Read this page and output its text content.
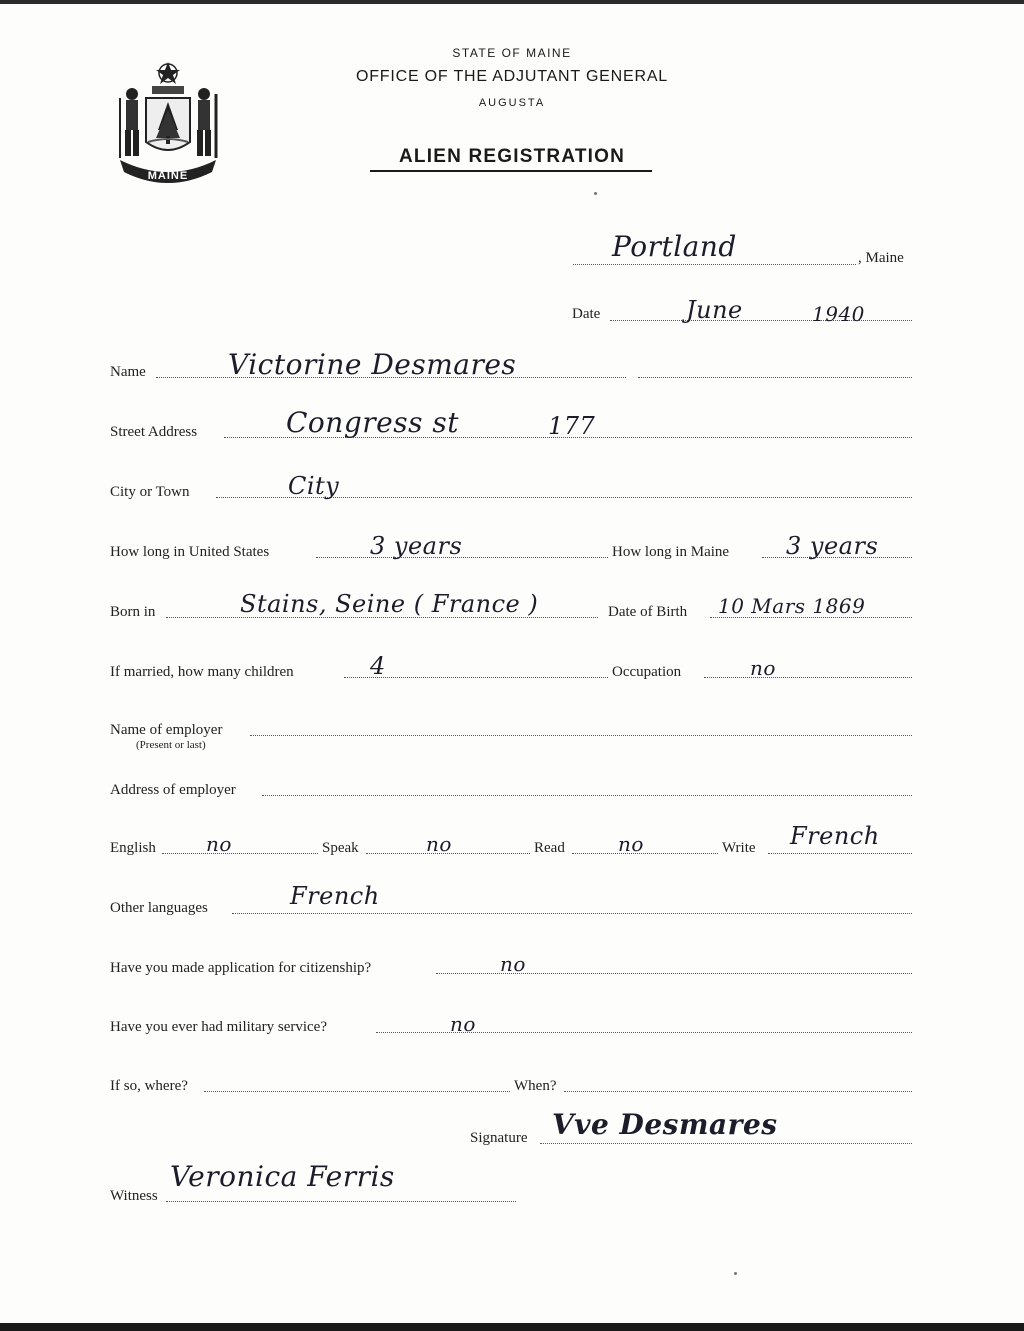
MAINE
STATE OF MAINE
OFFICE OF THE ADJUTANT GENERAL
AUGUSTA
ALIEN REGISTRATION
Portland	, Maine
Date	June	1940
Name	Victorine Desmares
Street Address	Congress st	177
City or Town	City
How long in United States	3 years	How long in Maine 3 years
Born in	Stains, Seine ( France )	Date of Birth 10 Mars 1869
If married, how many children	4	Occupation	no
Name of employer
(Present or last)
Address of employer
English	no	Speak	no	Read	no	Write French
Other languages	French
Have you made application for citizenship?	no
Have you ever had military service?	no
If so, where?	When?
Signature Vve Desmares
Witness
Veronica Ferris
